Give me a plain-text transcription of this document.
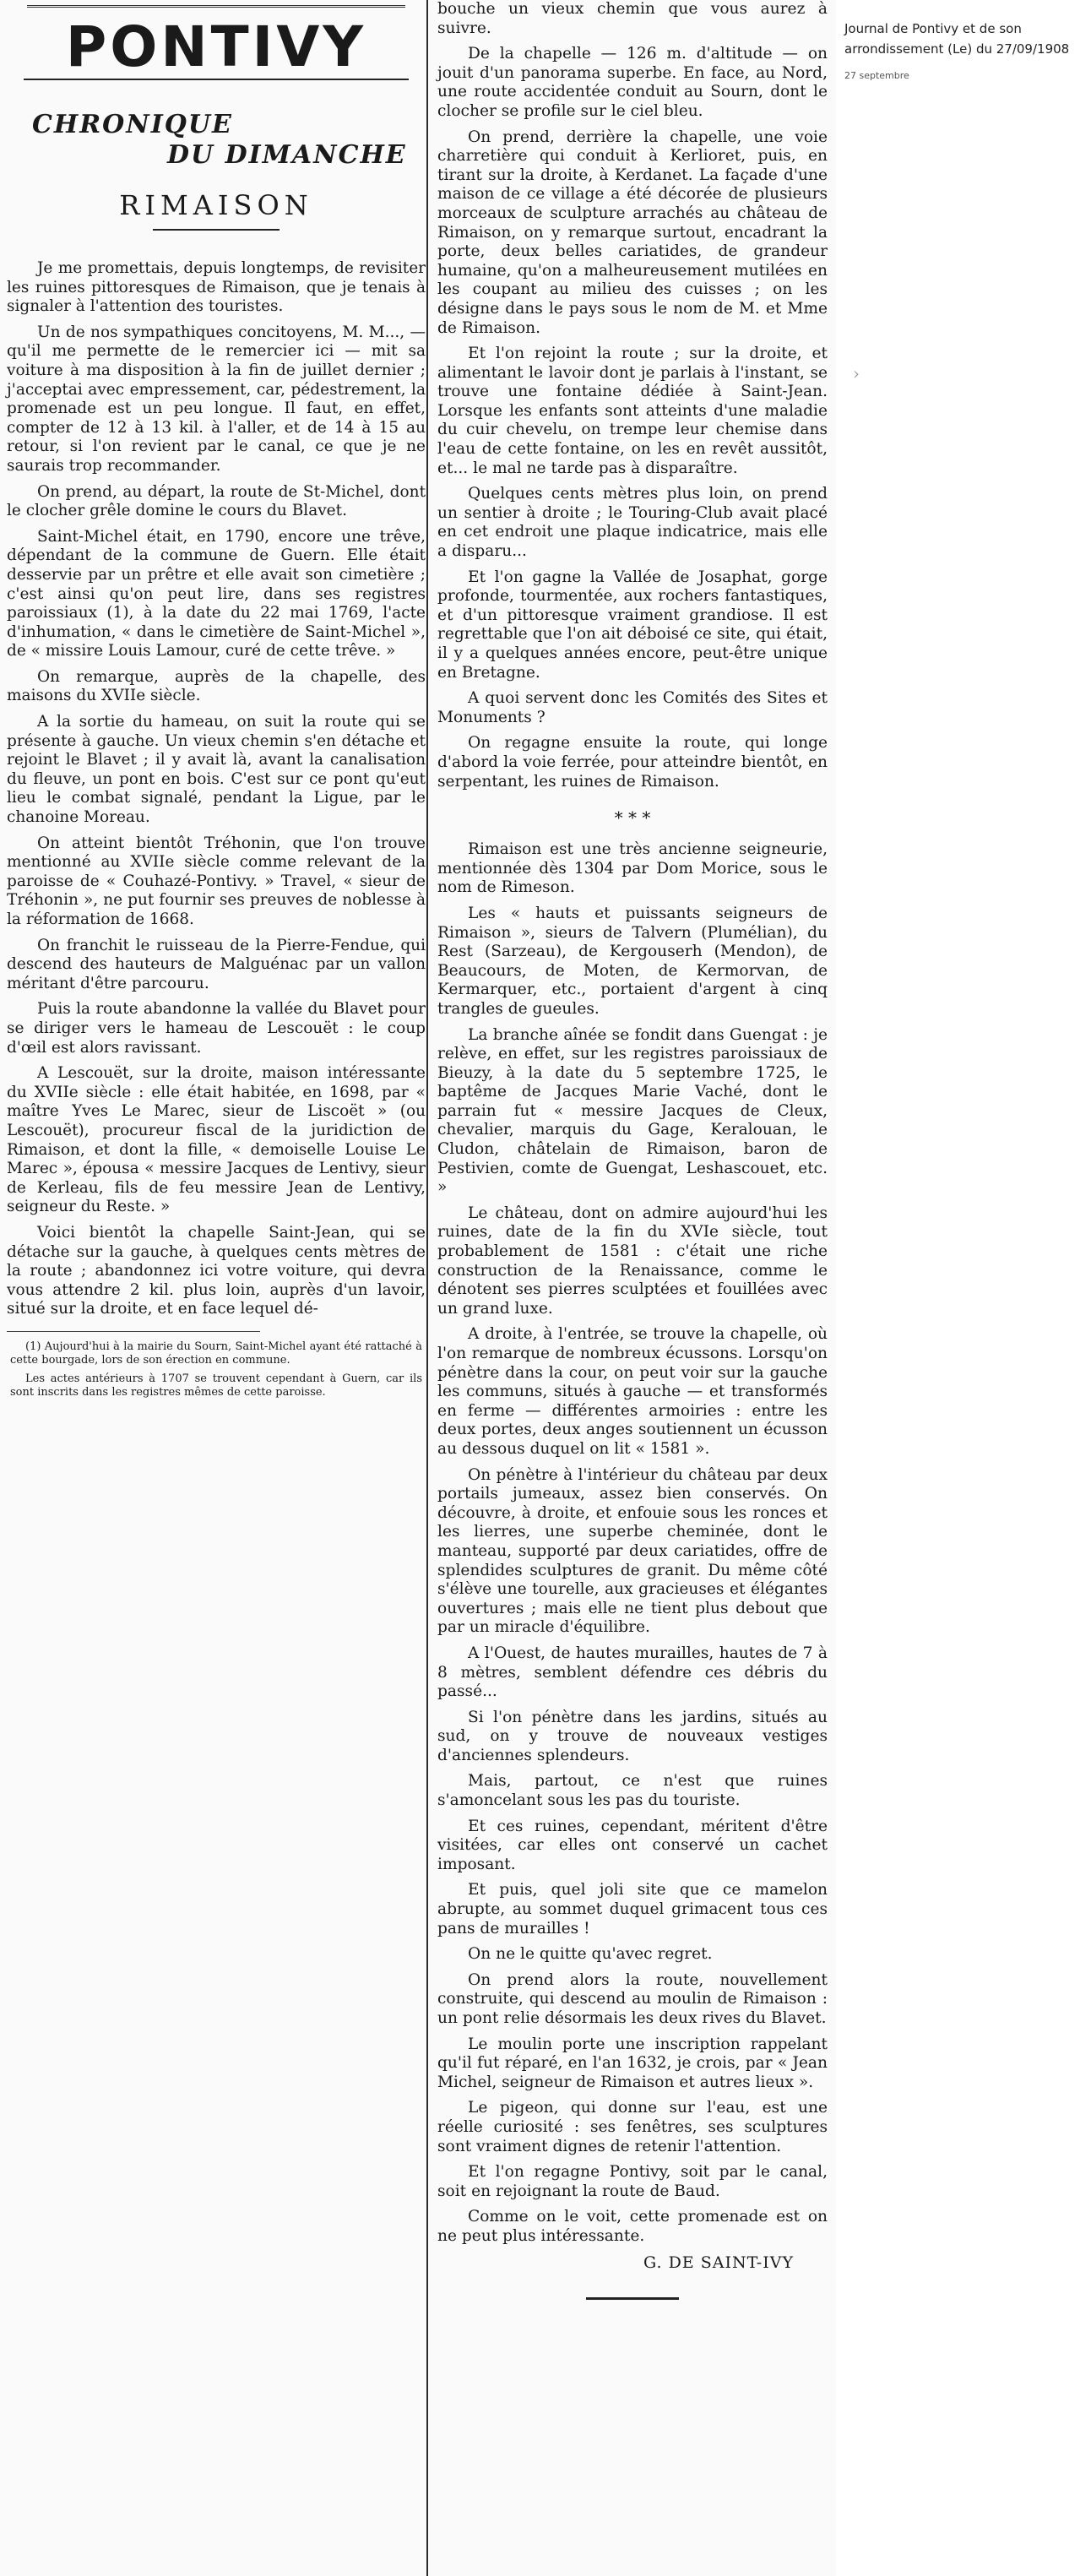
PONTIVY
CHRONIQUE
DU DIMANCHE
RIMAISON

Je me promettais, depuis longtemps, de revisiter les ruines pittoresques de Rimaison, que je tenais à signaler à l'attention des touristes.

Un de nos sympathiques concitoyens, M. M..., — qu'il me permette de le remercier ici — mit sa voiture à ma disposition à la fin de juillet dernier ; j'acceptai avec empressement, car, pédestrement, la promenade est un peu longue. Il faut, en effet, compter de 12 à 13 kil. à l'aller, et de 14 à 15 au retour, si l'on revient par le canal, ce que je ne saurais trop recommander.

On prend, au départ, la route de St-Michel, dont le clocher grêle domine le cours du Blavet.

Saint-Michel était, en 1790, encore une trêve, dépendant de la commune de Guern. Elle était desservie par un prêtre et elle avait son cimetière ; c'est ainsi qu'on peut lire, dans ses registres paroissiaux (1), à la date du 22 mai 1769, l'acte d'inhumation, « dans le cimetière de Saint-Michel », de « missire Louis Lamour, curé de cette trêve. »

On remarque, auprès de la chapelle, des maisons du XVIIe siècle.

A la sortie du hameau, on suit la route qui se présente à gauche. Un vieux chemin s'en détache et rejoint le Blavet ; il y avait là, avant la canalisation du fleuve, un pont en bois. C'est sur ce pont qu'eut lieu le combat signalé, pendant la Ligue, par le chanoine Moreau.

On atteint bientôt Tréhonin, que l'on trouve mentionné au XVIIe siècle comme relevant de la paroisse de « Couhazé-Pontivy. » Travel, « sieur de Tréhonin », ne put fournir ses preuves de noblesse à la réformation de 1668.

On franchit le ruisseau de la Pierre-Fendue, qui descend des hauteurs de Malguénac par un vallon méritant d'être parcouru.

Puis la route abandonne la vallée du Blavet pour se diriger vers le hameau de Lescouët : le coup d'œil est alors ravissant.

A Lescouët, sur la droite, maison intéressante du XVIIe siècle : elle était habitée, en 1698, par « maître Yves Le Marec, sieur de Liscoët » (ou Lescouët), procureur fiscal de la juridiction de Rimaison, et dont la fille, « demoiselle Louise Le Marec », épousa « messire Jacques de Lentivy, sieur de Kerleau, fils de feu messire Jean de Lentivy, seigneur du Reste. »

Voici bientôt la chapelle Saint-Jean, qui se détache sur la gauche, à quelques cents mètres de la route ; abandonnez ici votre voiture, qui devra vous attendre 2 kil. plus loin, auprès d'un lavoir, situé sur la droite, et en face lequel dé-

(1) Aujourd'hui à la mairie du Sourn, Saint-Michel ayant été rattaché à cette bourgade, lors de son érection en commune.

Les actes antérieurs à 1707 se trouvent cependant à Guern, car ils sont inscrits dans les registres mêmes de cette paroisse.

bouche un vieux chemin que vous aurez à suivre.

De la chapelle — 126 m. d'altitude — on jouit d'un panorama superbe. En face, au Nord, une route accidentée conduit au Sourn, dont le clocher se profile sur le ciel bleu.

On prend, derrière la chapelle, une voie charretière qui conduit à Kerlioret, puis, en tirant sur la droite, à Kerdanet. La façade d'une maison de ce village a été décorée de plusieurs morceaux de sculpture arrachés au château de Rimaison, on y remarque surtout, encadrant la porte, deux belles cariatides, de grandeur humaine, qu'on a malheureusement mutilées en les coupant au milieu des cuisses ; on les désigne dans le pays sous le nom de M. et Mme de Rimaison.

Et l'on rejoint la route ; sur la droite, et alimentant le lavoir dont je parlais à l'instant, se trouve une fontaine dédiée à Saint-Jean. Lorsque les enfants sont atteints d'une maladie du cuir chevelu, on trempe leur chemise dans l'eau de cette fontaine, on les en revêt aussitôt, et... le mal ne tarde pas à disparaître.

Quelques cents mètres plus loin, on prend un sentier à droite ; le Touring-Club avait placé en cet endroit une plaque indicatrice, mais elle a disparu...

Et l'on gagne la Vallée de Josaphat, gorge profonde, tourmentée, aux rochers fantastiques, et d'un pittoresque vraiment grandiose. Il est regrettable que l'on ait déboisé ce site, qui était, il y a quelques années encore, peut-être unique en Bretagne.

A quoi servent donc les Comités des Sites et Monuments ?

On regagne ensuite la route, qui longe d'abord la voie ferrée, pour atteindre bientôt, en serpentant, les ruines de Rimaison.

* * *

Rimaison est une très ancienne seigneurie, mentionnée dès 1304 par Dom Morice, sous le nom de Rimeson.

Les « hauts et puissants seigneurs de Rimaison », sieurs de Talvern (Plumélian), du Rest (Sarzeau), de Kergouserh (Mendon), de Beaucours, de Moten, de Kermorvan, de Kermarquer, etc., portaient d'argent à cinq trangles de gueules.

La branche aînée se fondit dans Guengat : je relève, en effet, sur les registres paroissiaux de Bieuzy, à la date du 5 septembre 1725, le baptême de Jacques Marie Vaché, dont le parrain fut « messire Jacques de Cleux, chevalier, marquis du Gage, Keralouan, le Cludon, châtelain de Rimaison, baron de Pestivien, comte de Guengat, Leshascouet, etc. »

Le château, dont on admire aujourd'hui les ruines, date de la fin du XVIe siècle, tout probablement de 1581 : c'était une riche construction de la Renaissance, comme le dénotent ses pierres sculptées et fouillées avec un grand luxe.

A droite, à l'entrée, se trouve la chapelle, où l'on remarque de nombreux écussons. Lorsqu'on pénètre dans la cour, on peut voir sur la gauche les communs, situés à gauche — et transformés en ferme — différentes armoiries : entre les deux portes, deux anges soutiennent un écusson au dessous duquel on lit « 1581 ».

On pénètre à l'intérieur du château par deux portails jumeaux, assez bien conservés. On découvre, à droite, et enfouie sous les ronces et les lierres, une superbe cheminée, dont le manteau, supporté par deux cariatides, offre de splendides sculptures de granit. Du même côté s'élève une tourelle, aux gracieuses et élégantes ouvertures ; mais elle ne tient plus debout que par un miracle d'équilibre.

A l'Ouest, de hautes murailles, hautes de 7 à 8 mètres, semblent défendre ces débris du passé...

Si l'on pénètre dans les jardins, situés au sud, on y trouve de nouveaux vestiges d'anciennes splendeurs.

Mais, partout, ce n'est que ruines s'amoncelant sous les pas du touriste.

Et ces ruines, cependant, méritent d'être visitées, car elles ont conservé un cachet imposant.

Et puis, quel joli site que ce mamelon abrupte, au sommet duquel grimacent tous ces pans de murailles !

On ne le quitte qu'avec regret.

On prend alors la route, nouvellement construite, qui descend au moulin de Rimaison : un pont relie désormais les deux rives du Blavet.

Le moulin porte une inscription rappelant qu'il fut réparé, en l'an 1632, je crois, par « Jean Michel, seigneur de Rimaison et autres lieux ».

Le pigeon, qui donne sur l'eau, est une réelle curiosité : ses fenêtres, ses sculptures sont vraiment dignes de retenir l'attention.

Et l'on regagne Pontivy, soit par le canal, soit en rejoignant la route de Baud.

Comme on le voit, cette promenade est on ne peut plus intéressante.

G. DE SAINT-IVY
Journal de Pontivy et de son arrondissement (Le) du 27/09/1908
27 septembre
›
